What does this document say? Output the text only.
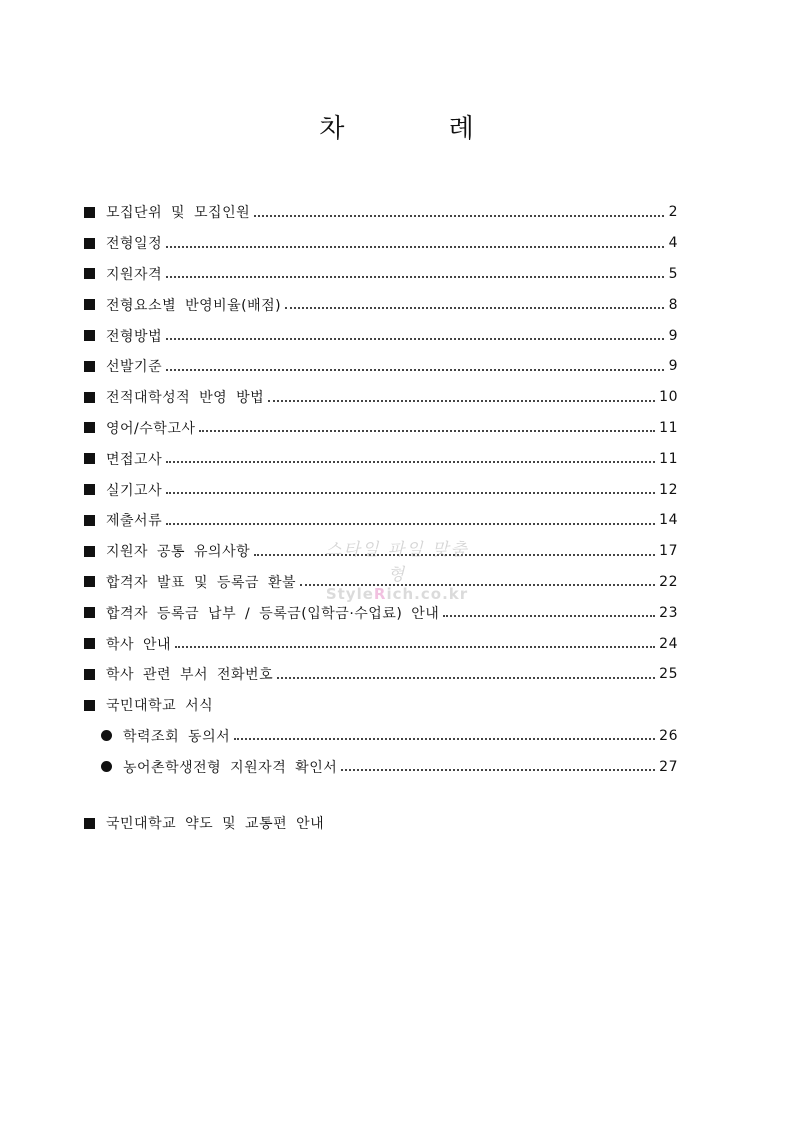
차 례
모집단위 및 모집인원	2
전형일정	4
지원자격	5
전형요소별 반영비율(배점)	8
전형방법	9
선발기준	9
전적대학성적 반영 방법	10
영어/수학고사	11
면접고사	11
실기고사	12
제출서류	14
지원자 공통 유의사항	17
합격자 발표 및 등록금 환불	22
합격자 등록금 납부 / 등록금(입학금·수업료) 안내	23
학사 안내	24
학사 관련 부서 전화번호	25
국민대학교 서식
학력조회 동의서	26
농어촌학생전형 지원자격 확인서	27
국민대학교 약도 및 교통편 안내
스타일 파일 맞춤형
StyleRich.co.kr
